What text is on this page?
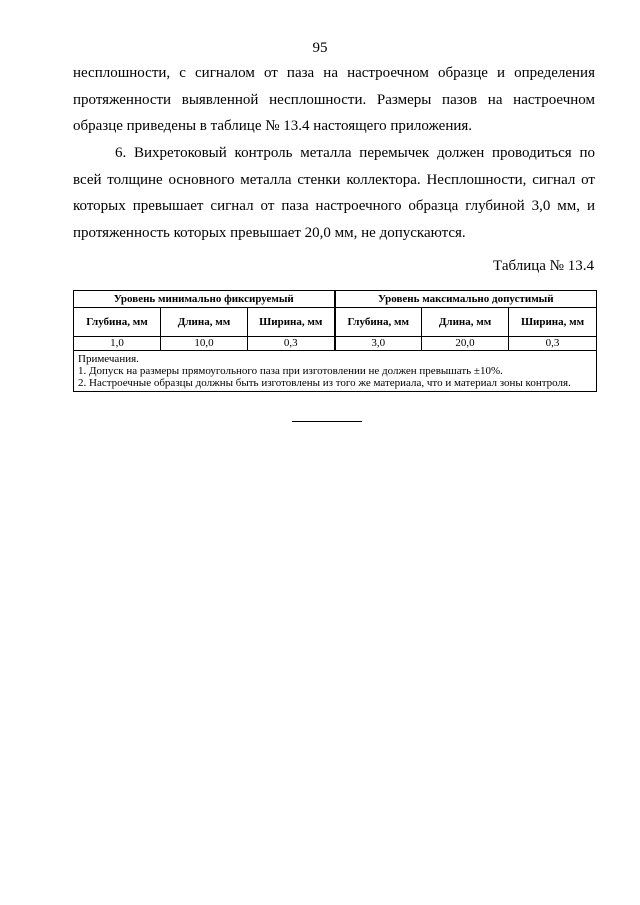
95
несплошности, с сигналом от паза на настроечном образце и определения протяженности выявленной несплошности. Размеры пазов на настроечном образце приведены в таблице № 13.4 настоящего приложения.
6. Вихретоковый контроль металла перемычек должен проводиться по всей толщине основного металла стенки коллектора. Несплошности, сигнал от которых превышает сигнал от паза настроечного образца глубиной 3,0 мм, и протяженность которых превышает 20,0 мм, не допускаются.
Таблица № 13.4
Уровень минимально фиксируемый			Уровень максимально допустимый		
Глубина, мм	Длина, мм	Ширина, мм	Глубина, мм	Длина, мм	Ширина, мм
1,0	10,0	0,3	3,0	20,0	0,3

Примечания.
1. Допуск на размеры прямоугольного паза при изготовлении не должен превышать ±10%.
2. Настроечные образцы должны быть изготовлены из того же материала, что и материал зоны контроля.					
